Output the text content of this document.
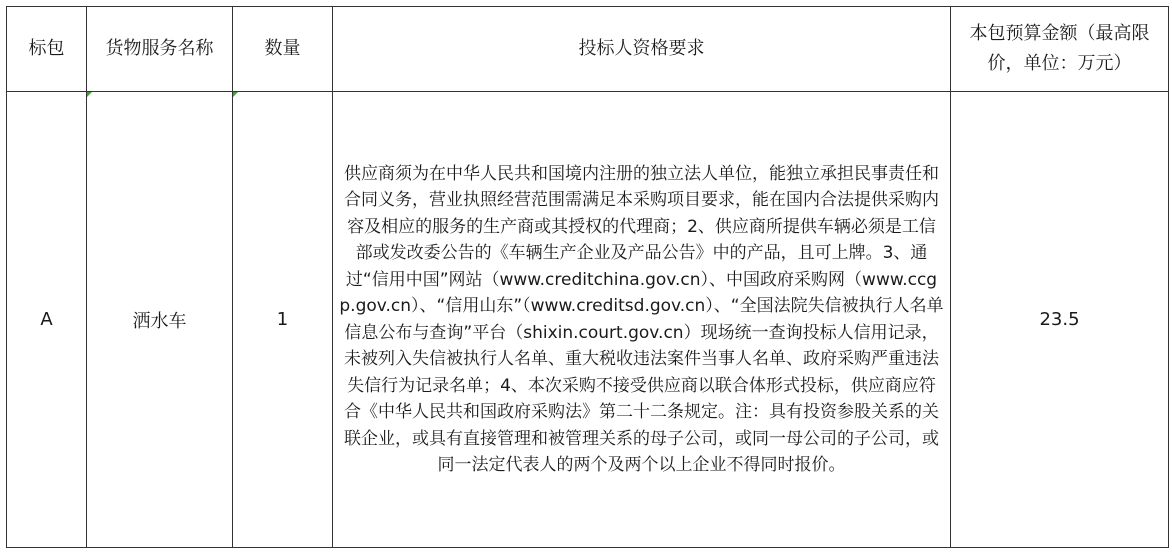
标包	货物服务名称	数量	投标人资格要求	本包预算金额（最高限价，单位：万元）
A	洒水车	1	供应商须为在中华人民共和国境内注册的独立法人单位，能独立承担民事责任和合同义务，营业执照经营范围需满足本采购项目要求，能在国内合法提供采购内容及相应的服务的生产商或其授权的代理商；2、供应商所提供车辆必须是工信部或发改委公告的《车辆生产企业及产品公告》中的产品，且可上牌。3、通过“信用中国”网站（www.creditchina.gov.cn）、中国政府采购网（www.ccgp.gov.cn）、“信用山东”（www.creditsd.gov.cn）、“全国法院失信被执行人名单信息公布与查询”平台（shixin.court.gov.cn）现场统一查询投标人信用记录，未被列入失信被执行人名单、重大税收违法案件当事人名单、政府采购严重违法失信行为记录名单；4、本次采购不接受供应商以联合体形式投标，供应商应符合《中华人民共和国政府采购法》第二十二条规定。注：具有投资参股关系的关联企业，或具有直接管理和被管理关系的母子公司，或同一母公司的子公司，或同一法定代表人的两个及两个以上企业不得同时报价。	23.5
